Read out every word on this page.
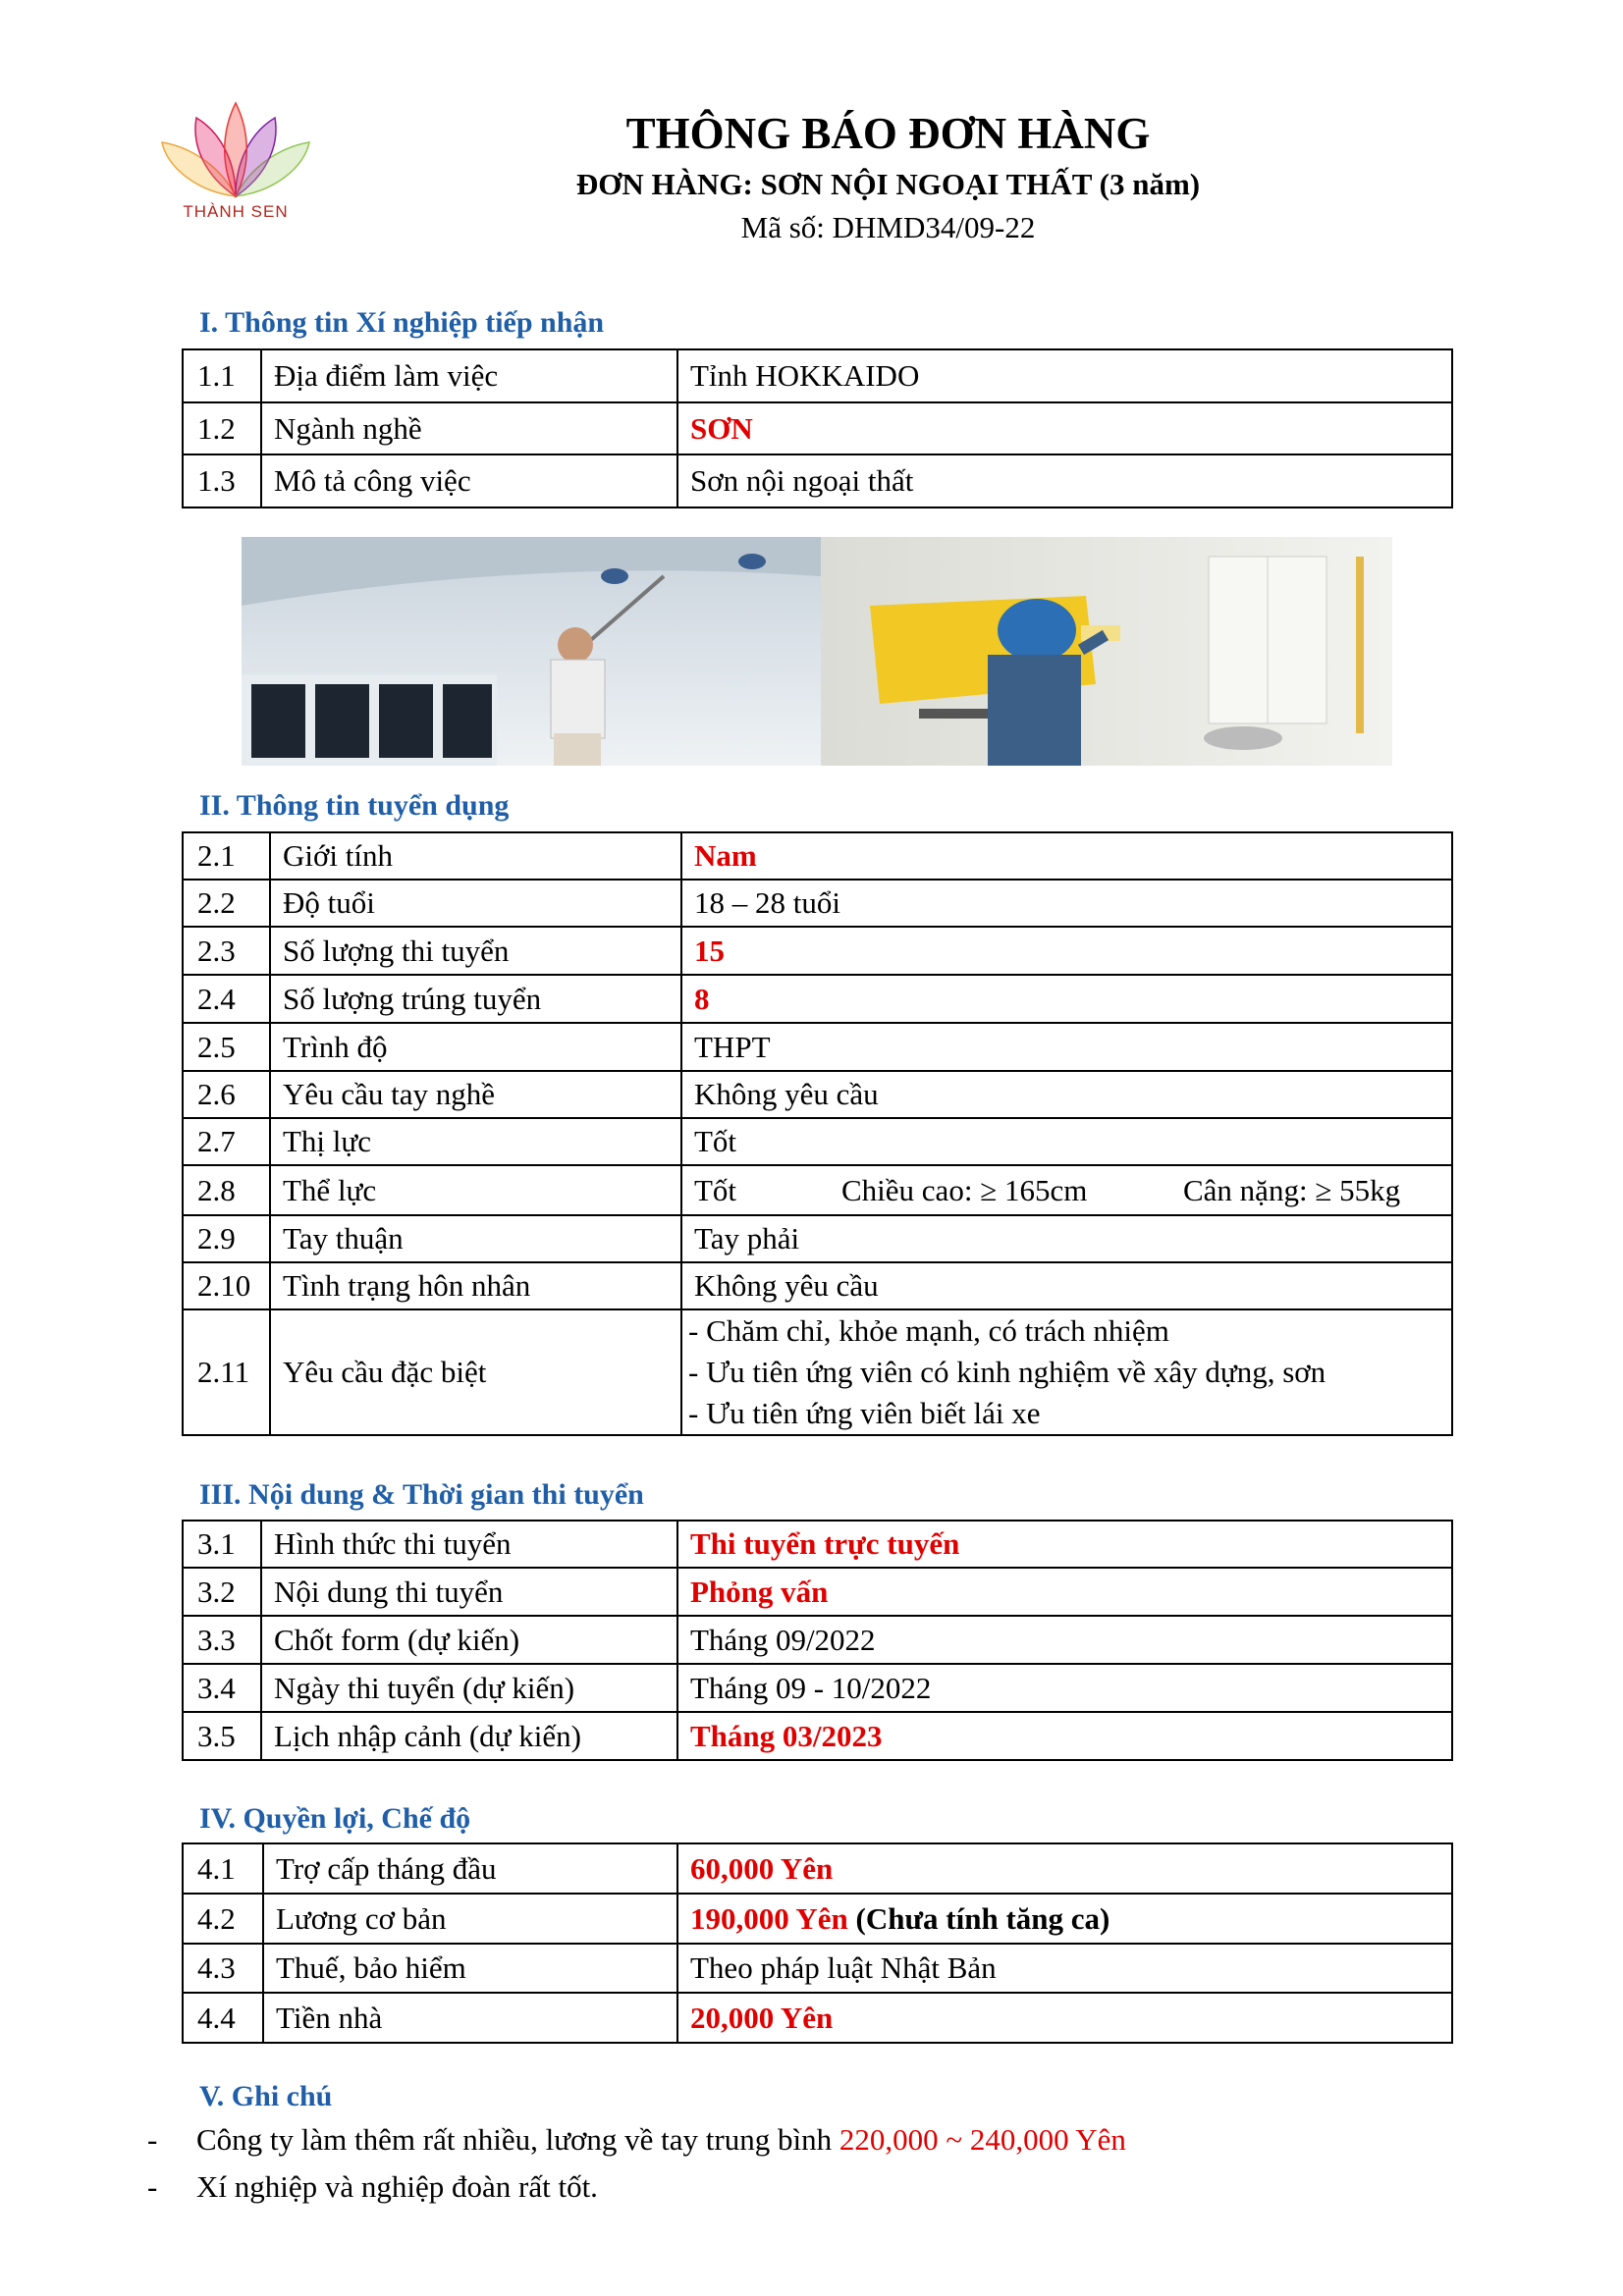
THÀNH SEN
THÔNG BÁO ĐƠN HÀNG
ĐƠN HÀNG: SƠN NỘI NGOẠI THẤT (3 năm)
Mã số: DHMD34/09-22
I. Thông tin Xí nghiệp tiếp nhận
1.1	Địa điểm làm việc	Tỉnh HOKKAIDO
1.2	Ngành nghề	SƠN
1.3	Mô tả công việc	Sơn nội ngoại thất
II. Thông tin tuyển dụng
2.1	Giới tính	Nam
2.2	Độ tuổi	18 – 28 tuổi
2.3	Số lượng thi tuyển	15
2.4	Số lượng trúng tuyển	8
2.5	Trình độ	THPT
2.6	Yêu cầu tay nghề	Không yêu cầu
2.7	Thị lực	Tốt
2.8	Thể lực	Tốt Chiều cao: ≥ 165cm Cân nặng: ≥ 55kg
2.9	Tay thuận	Tay phải
2.10	Tình trạng hôn nhân	Không yêu cầu
2.11	Yêu cầu đặc biệt	- Chăm chỉ, khỏe mạnh, có trách nhiệm
- Ưu tiên ứng viên có kinh nghiệm về xây dựng, sơn
- Ưu tiên ứng viên biết lái xe
III. Nội dung & Thời gian thi tuyển
3.1	Hình thức thi tuyển	Thi tuyển trực tuyến
3.2	Nội dung thi tuyển	Phỏng vấn
3.3	Chốt form (dự kiến)	Tháng 09/2022
3.4	Ngày thi tuyển (dự kiến)	Tháng 09 - 10/2022
3.5	Lịch nhập cảnh (dự kiến)	Tháng 03/2023
IV. Quyền lợi, Chế độ
4.1	Trợ cấp tháng đầu	60,000 Yên
4.2	Lương cơ bản	190,000 Yên (Chưa tính tăng ca)
4.3	Thuế, bảo hiểm	Theo pháp luật Nhật Bản
4.4	Tiền nhà	20,000 Yên
V. Ghi chú
- Công ty làm thêm rất nhiều, lương về tay trung bình 220,000 ~ 240,000 Yên
- Xí nghiệp và nghiệp đoàn rất tốt.
